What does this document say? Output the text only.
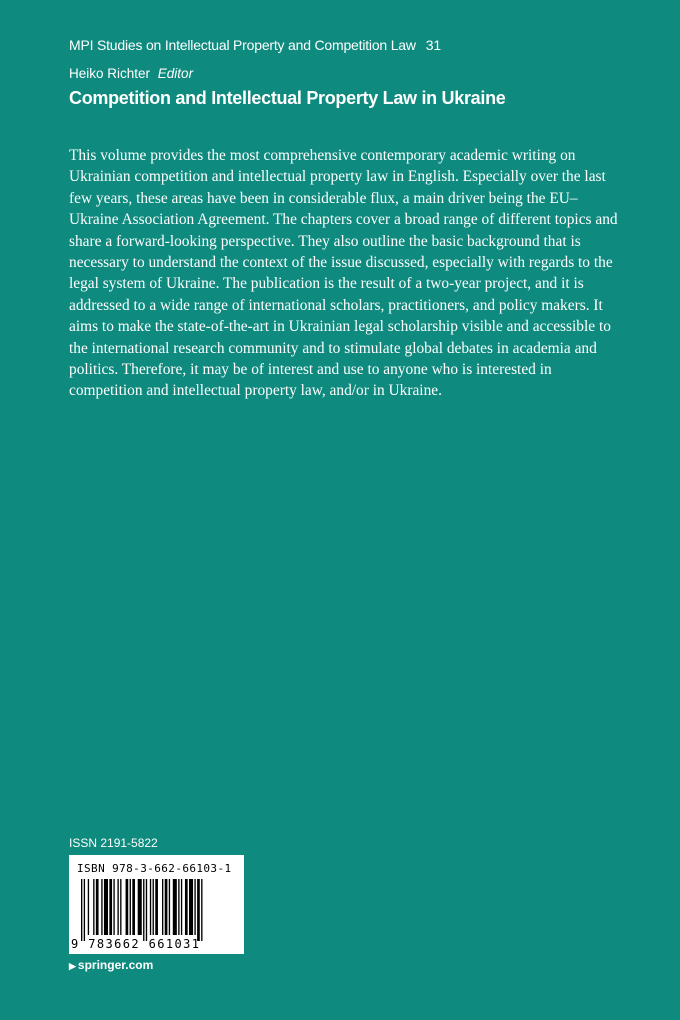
MPI Studies on Intellectual Property and Competition Law 31
Heiko Richter Editor
Competition and Intellectual Property Law in Ukraine

This volume provides the most comprehensive contemporary academic writing on Ukrainian competition and intellectual property law in English. Especially over the last few years, these areas have been in considerable flux, a main driver being the EU–Ukraine Association Agreement. The chapters cover a broad range of different topics and share a forward-looking perspective. They also outline the basic background that is necessary to understand the context of the issue discussed, especially with regards to the legal system of Ukraine. The publication is the result of a two-year project, and it is addressed to a wide range of international scholars, practitioners, and policy makers. It aims to make the state-of-the-art in Ukrainian legal scholarship visible and accessible to the international research community and to stimulate global debates in academia and politics. Therefore, it may be of interest and use to anyone who is interested in competition and intellectual property law, and/or in Ukraine.

ISSN 2191-5822
ISBN 978-3-662-66103-1
9 783662 661031
▶ springer.com
